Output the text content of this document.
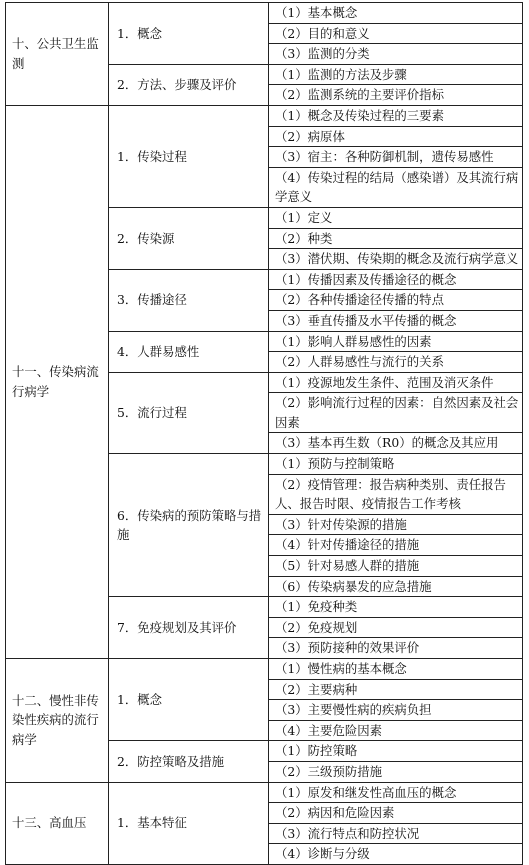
十、公共卫生监测	1．概念	（1）基本概念
		（2）目的和意义
		（3）监测的分类
	2．方法、步骤及评价	（1）监测的方法及步骤
		（2）监测系统的主要评价指标
十一、传染病流行病学	1．传染过程	（1）概念及传染过程的三要素
		（2）病原体
		（3）宿主：各种防御机制，遗传易感性
		（4）传染过程的结局（感染谱）及其流行病学意义
	2．传染源	（1）定义
		（2）种类
		（3）潜伏期、传染期的概念及流行病学意义
	3．传播途径	（1）传播因素及传播途径的概念
		（2）各种传播途径传播的特点
		（3）垂直传播及水平传播的概念
	4．人群易感性	（1）影响人群易感性的因素
		（2）人群易感性与流行的关系
	5．流行过程	（1）疫源地发生条件、范围及消灭条件
		（2）影响流行过程的因素：自然因素及社会因素
		（3）基本再生数（R0）的概念及其应用
	6．传染病的预防策略与措施	（1）预防与控制策略
		（2）疫情管理：报告病种类别、责任报告人、报告时限、疫情报告工作考核
		（3）针对传染源的措施
		（4）针对传播途径的措施
		（5）针对易感人群的措施
		（6）传染病暴发的应急措施
	7．免疫规划及其评价	（1）免疫种类
		（2）免疫规划
		（3）预防接种的效果评价
十二、慢性非传染性疾病的流行病学	1．概念	（1）慢性病的基本概念
		（2）主要病种
		（3）主要慢性病的疾病负担
		（4）主要危险因素
	2．防控策略及措施	（1）防控策略
		（2）三级预防措施
十三、高血压	1．基本特征	（1）原发和继发性高血压的概念
		（2）病因和危险因素
		（3）流行特点和防控状况
		（4）诊断与分级
